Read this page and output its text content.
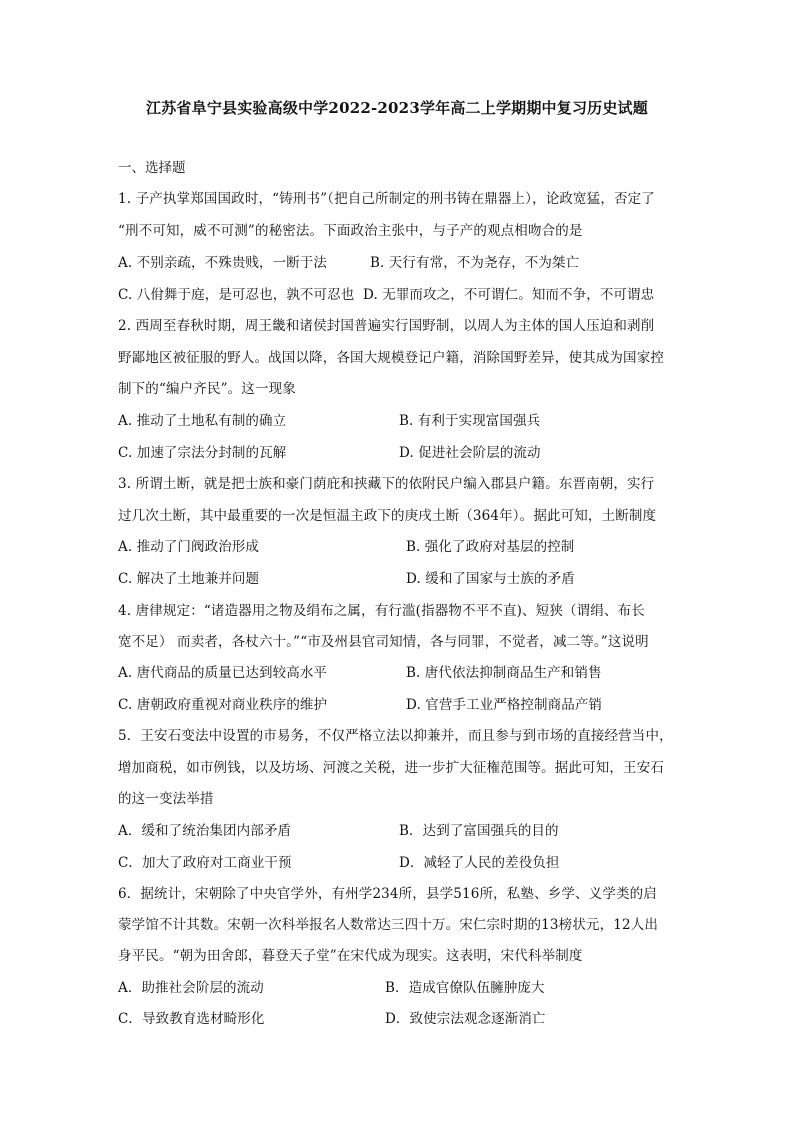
江苏省阜宁县实验高级中学2022-2023学年高二上学期期中复习历史试题
一、选择题
1. 子产执掌郑国国政时，“铸刑书”（把自己所制定的刑书铸在鼎器上），论政宽猛，否定了
“刑不可知，威不可测”的秘密法。下面政治主张中，与子产的观点相吻合的是
A. 不别亲疏，不殊贵贱，一断于法	B. 天行有常，不为尧存，不为桀亡
C. 八佾舞于庭，是可忍也，孰不可忍也 D. 无罪而攻之，不可谓仁。知而不争，不可谓忠
2. 西周至春秋时期，周王畿和诸侯封国普遍实行国野制，以周人为主体的国人压迫和剥削
野鄙地区被征服的野人。战国以降，各国大规模登记户籍，消除国野差异，使其成为国家控
制下的“编户齐民”。这一现象
A. 推动了土地私有制的确立	B. 有利于实现富国强兵
C. 加速了宗法分封制的瓦解	D. 促进社会阶层的流动
3. 所谓土断，就是把士族和豪门荫庇和挟藏下的依附民户编入郡县户籍。东晋南朝，实行
过几次土断，其中最重要的一次是恒温主政下的庚戌土断（364年）。据此可知，土断制度
A. 推动了门阀政治形成	B. 强化了政府对基层的控制
C. 解决了土地兼并问题	D. 缓和了国家与士族的矛盾
4. 唐律规定：“诸造器用之物及绢布之属，有行滥(指器物不平不直)、短狭（谓绢、布长
宽不足） 而卖者，各杖六十。”“市及州县官司知情，各与同罪，不觉者，减二等。”这说明
A. 唐代商品的质量已达到较高水平	B. 唐代依法抑制商品生产和销售
C. 唐朝政府重视对商业秩序的维护	D. 官营手工业严格控制商品产销
5．王安石变法中设置的市易务，不仅严格立法以抑兼并，而且参与到市场的直接经营当中，
增加商税，如市例钱，以及坊场、河渡之关税，进一步扩大征権范围等。据此可知，王安石
的这一变法举措
A．缓和了统治集团内部矛盾	B．达到了富国强兵的目的
C．加大了政府对工商业干预	D．减轻了人民的差役负担
6．据统计，宋朝除了中央官学外，有州学234所，县学516所，私塾、乡学、义学类的启
蒙学馆不计其数。宋朝一次科举报名人数常达三四十万。宋仁宗时期的13榜状元，12人出
身平民。“朝为田舍郎，暮登天子堂”在宋代成为现实。这表明，宋代科举制度
A．助推社会阶层的流动	B．造成官僚队伍臃肿庞大
C．导致教育选材畸形化	D．致使宗法观念逐渐消亡
